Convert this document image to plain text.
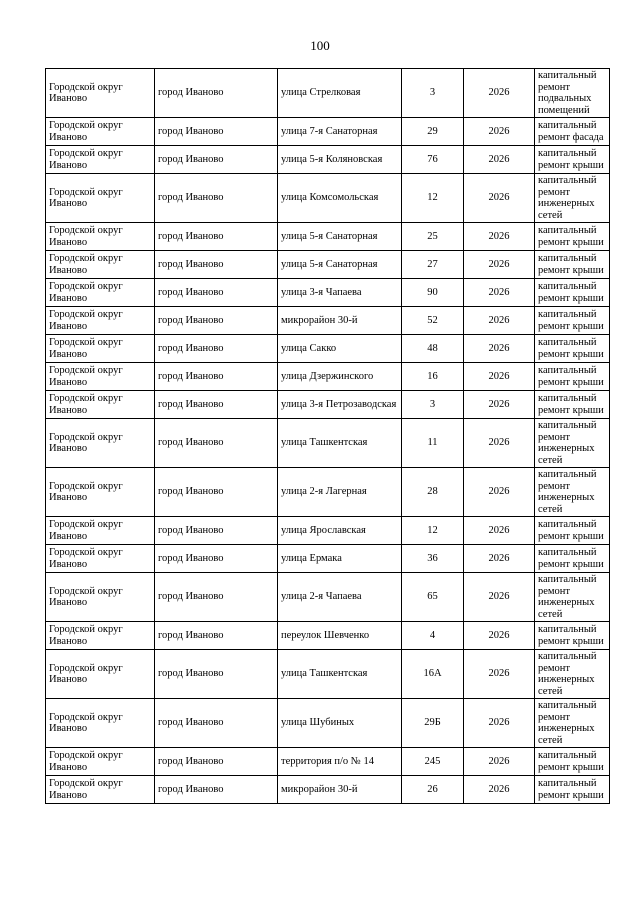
100
Городской округ Иваново	город Иваново	улица Стрелковая	3	2026	капитальный ремонт подвальных помещений
Городской округ Иваново	город Иваново	улица 7-я Санаторная	29	2026	капитальный ремонт фасада
Городской округ Иваново	город Иваново	улица 5-я Коляновская	76	2026	капитальный ремонт крыши
Городской округ Иваново	город Иваново	улица Комсомольская	12	2026	капитальный ремонт инженерных сетей
Городской округ Иваново	город Иваново	улица 5-я Санаторная	25	2026	капитальный ремонт крыши
Городской округ Иваново	город Иваново	улица 5-я Санаторная	27	2026	капитальный ремонт крыши
Городской округ Иваново	город Иваново	улица 3-я Чапаева	90	2026	капитальный ремонт крыши
Городской округ Иваново	город Иваново	микрорайон 30-й	52	2026	капитальный ремонт крыши
Городской округ Иваново	город Иваново	улица Сакко	48	2026	капитальный ремонт крыши
Городской округ Иваново	город Иваново	улица Дзержинского	16	2026	капитальный ремонт крыши
Городской округ Иваново	город Иваново	улица 3-я Петрозаводская	3	2026	капитальный ремонт крыши
Городской округ Иваново	город Иваново	улица Ташкентская	11	2026	капитальный ремонт инженерных сетей
Городской округ Иваново	город Иваново	улица 2-я Лагерная	28	2026	капитальный ремонт инженерных сетей
Городской округ Иваново	город Иваново	улица Ярославская	12	2026	капитальный ремонт крыши
Городской округ Иваново	город Иваново	улица Ермака	36	2026	капитальный ремонт крыши
Городской округ Иваново	город Иваново	улица 2-я Чапаева	65	2026	капитальный ремонт инженерных сетей
Городской округ Иваново	город Иваново	переулок Шевченко	4	2026	капитальный ремонт крыши
Городской округ Иваново	город Иваново	улица Ташкентская	16А	2026	капитальный ремонт инженерных сетей
Городской округ Иваново	город Иваново	улица Шубиных	29Б	2026	капитальный ремонт инженерных сетей
Городской округ Иваново	город Иваново	территория п/о № 14	245	2026	капитальный ремонт крыши
Городской округ Иваново	город Иваново	микрорайон 30-й	26	2026	капитальный ремонт крыши
